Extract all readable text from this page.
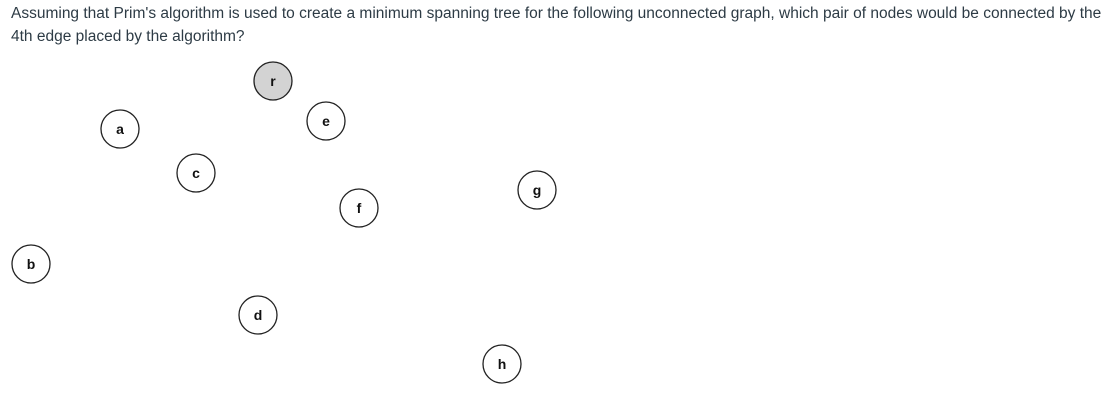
Assuming that Prim's algorithm is used to create a minimum spanning tree for the following unconnected graph, which pair of nodes would be connected by the 4th edge placed by the algorithm?

r
a	e
c
g
f
b
d
h
